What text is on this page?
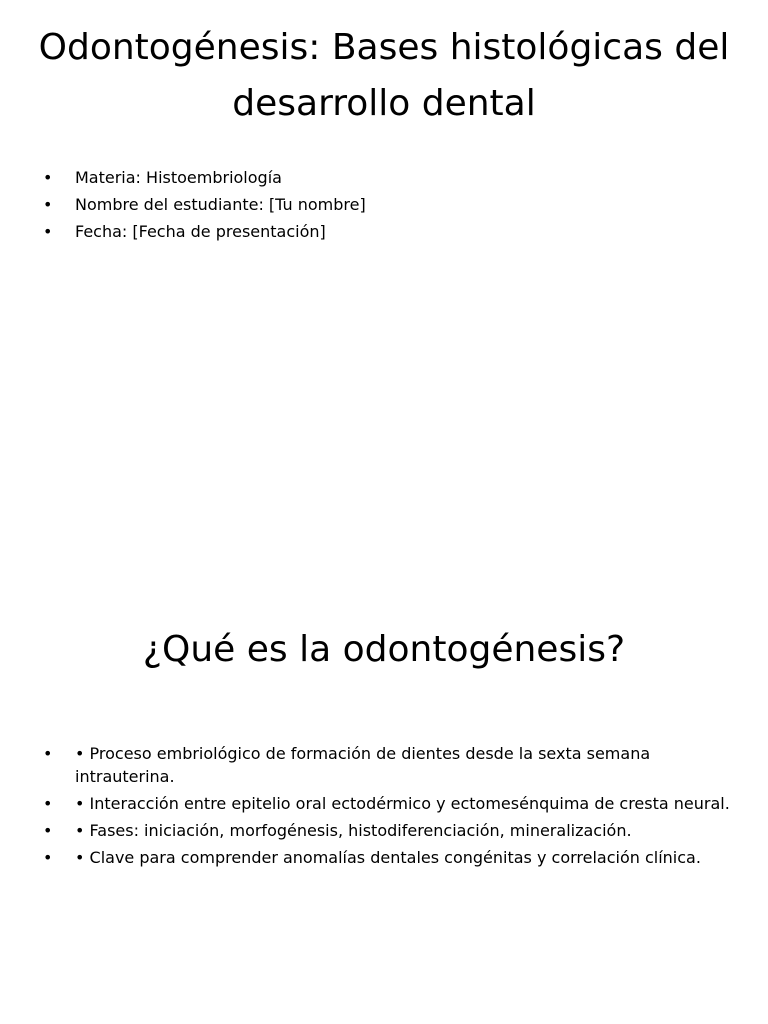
Odontogénesis: Bases histológicas del desarrollo dental
• Materia: Histoembriología
• Nombre del estudiante: [Tu nombre]
• Fecha: [Fecha de presentación]
¿Qué es la odontogénesis?
• • Proceso embriológico de formación de dientes desde la sexta semana intrauterina.
• • Interacción entre epitelio oral ectodérmico y ectomesénquima de cresta neural.
• • Fases: iniciación, morfogénesis, histodiferenciación, mineralización.
• • Clave para comprender anomalías dentales congénitas y correlación clínica.
